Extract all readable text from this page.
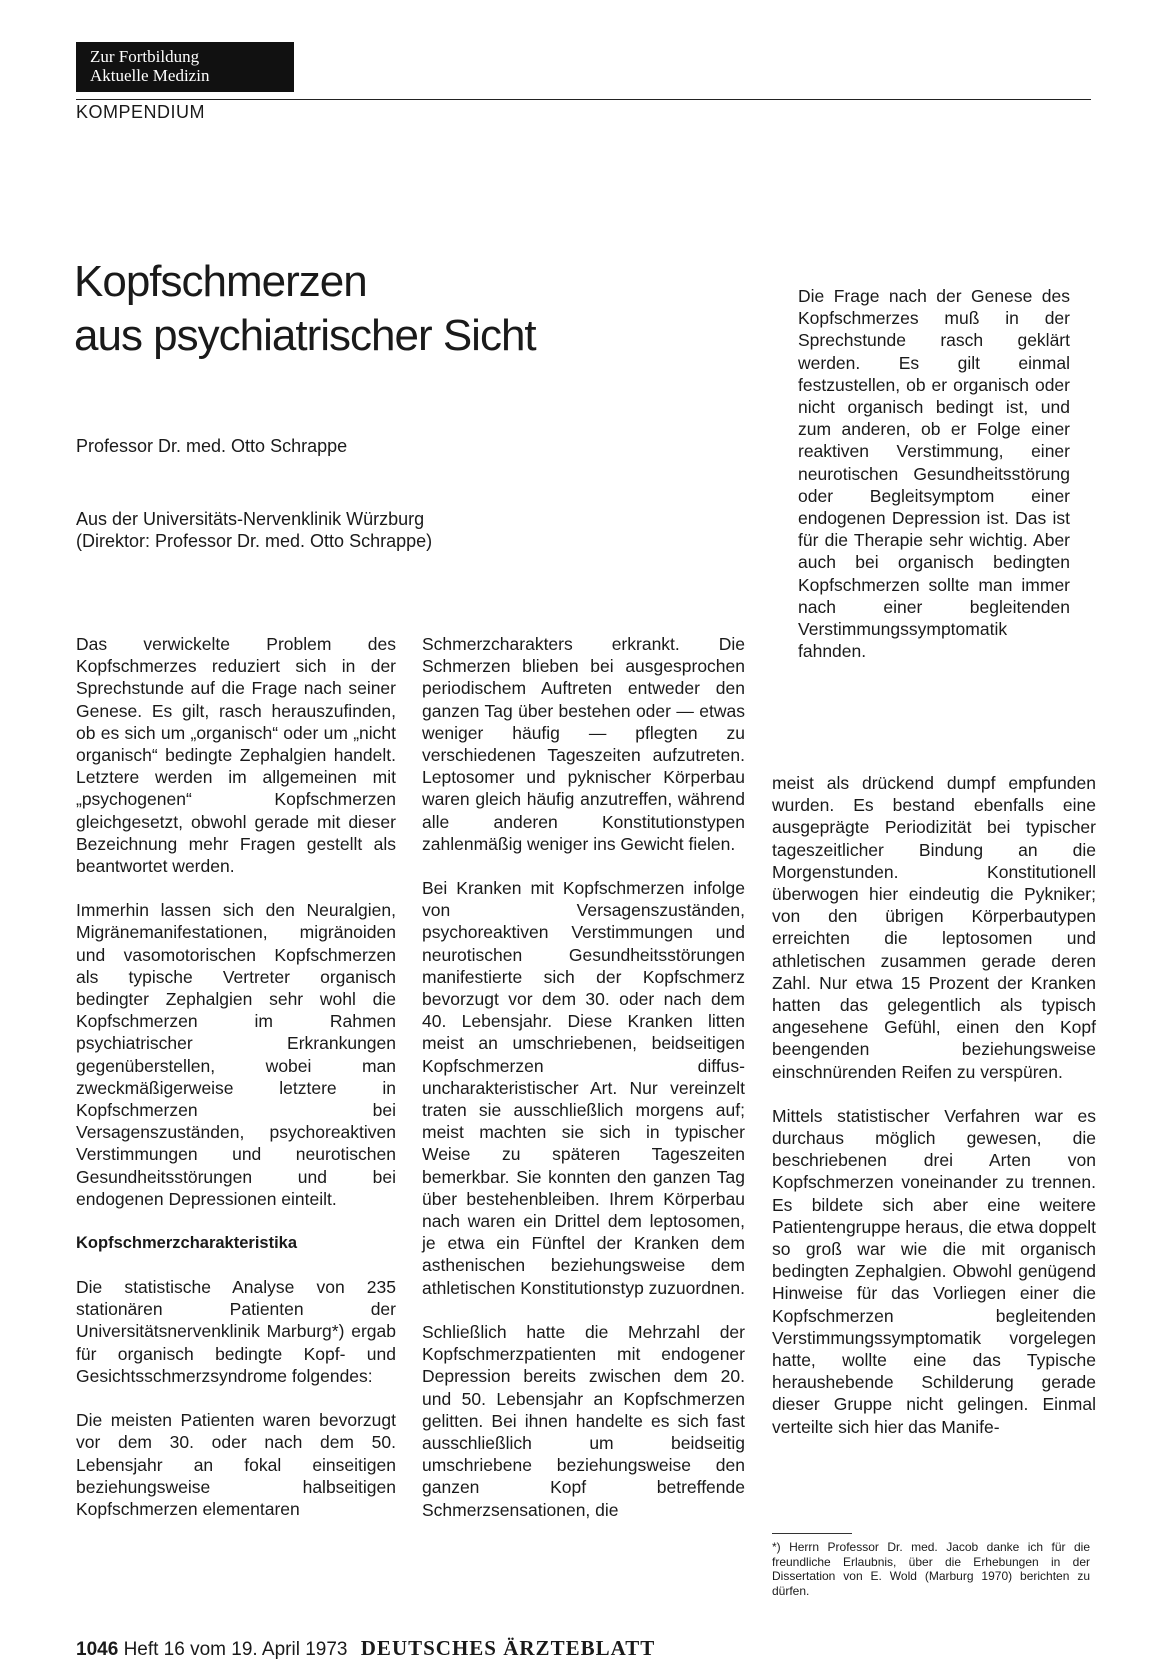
Zur Fortbildung
Aktuelle Medizin
KOMPENDIUM
Kopfschmerzen
aus psychiatrischer Sicht
Professor Dr. med. Otto Schrappe
Aus der Universitäts-Nervenklinik Würzburg
(Direktor: Professor Dr. med. Otto Schrappe)
Die Frage nach der Genese des Kopfschmerzes muß in der Sprechstunde rasch geklärt werden. Es gilt einmal festzustellen, ob er organisch oder nicht organisch bedingt ist, und zum anderen, ob er Folge einer reaktiven Verstimmung, einer neurotischen Gesundheitsstörung oder Begleitsymptom einer endogenen Depression ist. Das ist für die Therapie sehr wichtig. Aber auch bei organisch bedingten Kopfschmerzen sollte man immer nach einer begleitenden Verstimmungssymptomatik fahnden.

Das verwickelte Problem des Kopfschmerzes reduziert sich in der Sprechstunde auf die Frage nach seiner Genese. Es gilt, rasch herauszufinden, ob es sich um „organisch“ oder um „nicht organisch“ bedingte Zephalgien handelt. Letztere werden im allgemeinen mit „psychogenen“ Kopfschmerzen gleichgesetzt, obwohl gerade mit dieser Bezeichnung mehr Fragen gestellt als beantwortet werden.

Immerhin lassen sich den Neuralgien, Migränemanifestationen, migränoiden und vasomotorischen Kopfschmerzen als typische Vertreter organisch bedingter Zephalgien sehr wohl die Kopfschmerzen im Rahmen psychiatrischer Erkrankungen gegenüberstellen, wobei man zweckmäßigerweise letztere in Kopfschmerzen bei Versagenszuständen, psychoreaktiven Verstimmungen und neurotischen Gesundheitsstörungen und bei endogenen Depressionen einteilt.

Kopfschmerzcharakteristika

Die statistische Analyse von 235 stationären Patienten der Universitätsnervenklinik Marburg*) ergab für organisch bedingte Kopf- und Gesichtsschmerzsyndrome folgendes:

Die meisten Patienten waren bevorzugt vor dem 30. oder nach dem 50. Lebensjahr an fokal einseitigen beziehungsweise halbseitigen Kopfschmerzen elementaren

Schmerzcharakters erkrankt. Die Schmerzen blieben bei ausgesprochen periodischem Auftreten entweder den ganzen Tag über bestehen oder — etwas weniger häufig — pflegten zu verschiedenen Tageszeiten aufzutreten. Leptosomer und pyknischer Körperbau waren gleich häufig anzutreffen, während alle anderen Konstitutionstypen zahlenmäßig weniger ins Gewicht fielen.

Bei Kranken mit Kopfschmerzen infolge von Versagenszuständen, psychoreaktiven Verstimmungen und neurotischen Gesundheitsstörungen manifestierte sich der Kopfschmerz bevorzugt vor dem 30. oder nach dem 40. Lebensjahr. Diese Kranken litten meist an umschriebenen, beidseitigen Kopfschmerzen diffus-uncharakteristischer Art. Nur vereinzelt traten sie ausschließlich morgens auf; meist machten sie sich in typischer Weise zu späteren Tageszeiten bemerkbar. Sie konnten den ganzen Tag über bestehenbleiben. Ihrem Körperbau nach waren ein Drittel dem leptosomen, je etwa ein Fünftel der Kranken dem asthenischen beziehungsweise dem athletischen Konstitutionstyp zuzuordnen.

Schließlich hatte die Mehrzahl der Kopfschmerzpatienten mit endogener Depression bereits zwischen dem 20. und 50. Lebensjahr an Kopfschmerzen gelitten. Bei ihnen handelte es sich fast ausschließlich um beidseitig umschriebene beziehungsweise den ganzen Kopf betreffende Schmerzsensationen, die

meist als drückend dumpf empfunden wurden. Es bestand ebenfalls eine ausgeprägte Periodizität bei typischer tageszeitlicher Bindung an die Morgenstunden. Konstitutionell überwogen hier eindeutig die Pykniker; von den übrigen Körperbautypen erreichten die leptosomen und athletischen zusammen gerade deren Zahl. Nur etwa 15 Prozent der Kranken hatten das gelegentlich als typisch angesehene Gefühl, einen den Kopf beengenden beziehungsweise einschnürenden Reifen zu verspüren.

Mittels statistischer Verfahren war es durchaus möglich gewesen, die beschriebenen drei Arten von Kopfschmerzen voneinander zu trennen. Es bildete sich aber eine weitere Patientengruppe heraus, die etwa doppelt so groß war wie die mit organisch bedingten Zephalgien. Obwohl genügend Hinweise für das Vorliegen einer die Kopfschmerzen begleitenden Verstimmungssymptomatik vorgelegen hatte, wollte eine das Typische heraushebende Schilderung gerade dieser Gruppe nicht gelingen. Einmal verteilte sich hier das Manife-

*) Herrn Professor Dr. med. Jacob danke ich für die freundliche Erlaubnis, über die Erhebungen in der Dissertation von E. Wold (Marburg 1970) berichten zu dürfen.
1046 Heft 16 vom 19. April 1973 DEUTSCHES ÄRZTEBLATT
